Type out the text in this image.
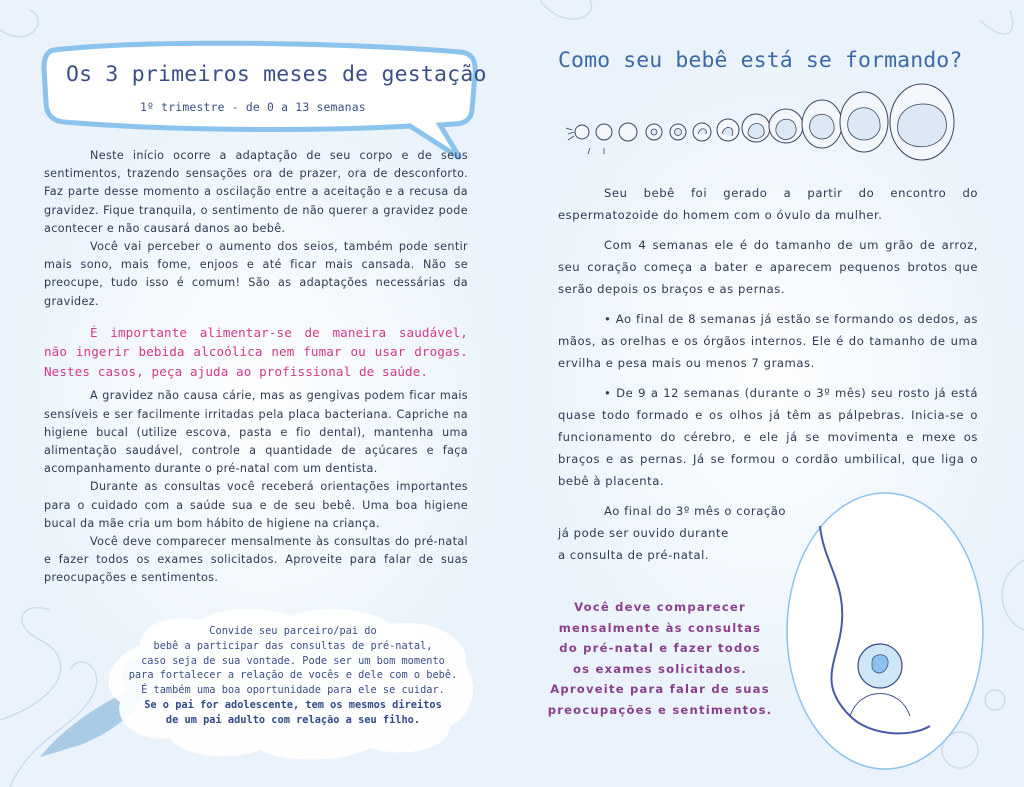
Os 3 primeiros meses de gestação
1º trimestre - de 0 a 13 semanas

Neste início ocorre a adaptação de seu corpo e de seus sentimentos, trazendo sensações ora de prazer, ora de desconforto. Faz parte desse momento a oscilação entre a aceitação e a recusa da gravidez. Fique tranquila, o sentimento de não querer a gravidez pode acontecer e não causará danos ao bebê.

Você vai perceber o aumento dos seios, também pode sentir mais sono, mais fome, enjoos e até ficar mais cansada. Não se preocupe, tudo isso é comum! São as adaptações necessárias da gravidez.

É importante alimentar-se de maneira saudável, não ingerir bebida alcoólica nem fumar ou usar drogas. Nestes casos, peça ajuda ao profissional de saúde.

A gravidez não causa cárie, mas as gengivas podem ficar mais sensíveis e ser facilmente irritadas pela placa bacteriana. Capriche na higiene bucal (utilize escova, pasta e fio dental), mantenha uma alimentação saudável, controle a quantidade de açúcares e faça acompanhamento durante o pré-natal com um dentista.

Durante as consultas você receberá orientações importantes para o cuidado com a saúde sua e de seu bebê. Uma boa higiene bucal da mãe cria um bom hábito de higiene na criança.

Você deve comparecer mensalmente às consultas do pré-natal e fazer todos os exames solicitados. Aproveite para falar de suas preocupações e sentimentos.

Convide seu parceiro/pai do
bebê a participar das consultas de pré-natal,
caso seja de sua vontade. Pode ser um bom momento
para fortalecer a relação de vocês e dele com o bebê.
É também uma boa oportunidade para ele se cuidar.
Se o pai for adolescente, tem os mesmos direitos
de um pai adulto com relação a seu filho.
Como seu bebê está se formando?

Seu bebê foi gerado a partir do encontro do espermatozoide do homem com o óvulo da mulher.

Com 4 semanas ele é do tamanho de um grão de arroz, seu coração começa a bater e aparecem pequenos brotos que serão depois os braços e as pernas.

• Ao final de 8 semanas já estão se formando os dedos, as mãos, as orelhas e os órgãos internos. Ele é do tamanho de uma ervilha e pesa mais ou menos 7 gramas.

• De 9 a 12 semanas (durante o 3º mês) seu rosto já está quase todo formado e os olhos já têm as pálpebras. Inicia-se o funcionamento do cérebro, e ele já se movimenta e mexe os braços e as pernas. Já se formou o cordão umbilical, que liga o bebê à placenta.

Ao final do 3º mês o coração
já pode ser ouvido durante
a consulta de pré-natal.
Você deve comparecer
mensalmente às consultas
do pré-natal e fazer todos
os exames solicitados.
Aproveite para falar de suas
preocupações e sentimentos.
